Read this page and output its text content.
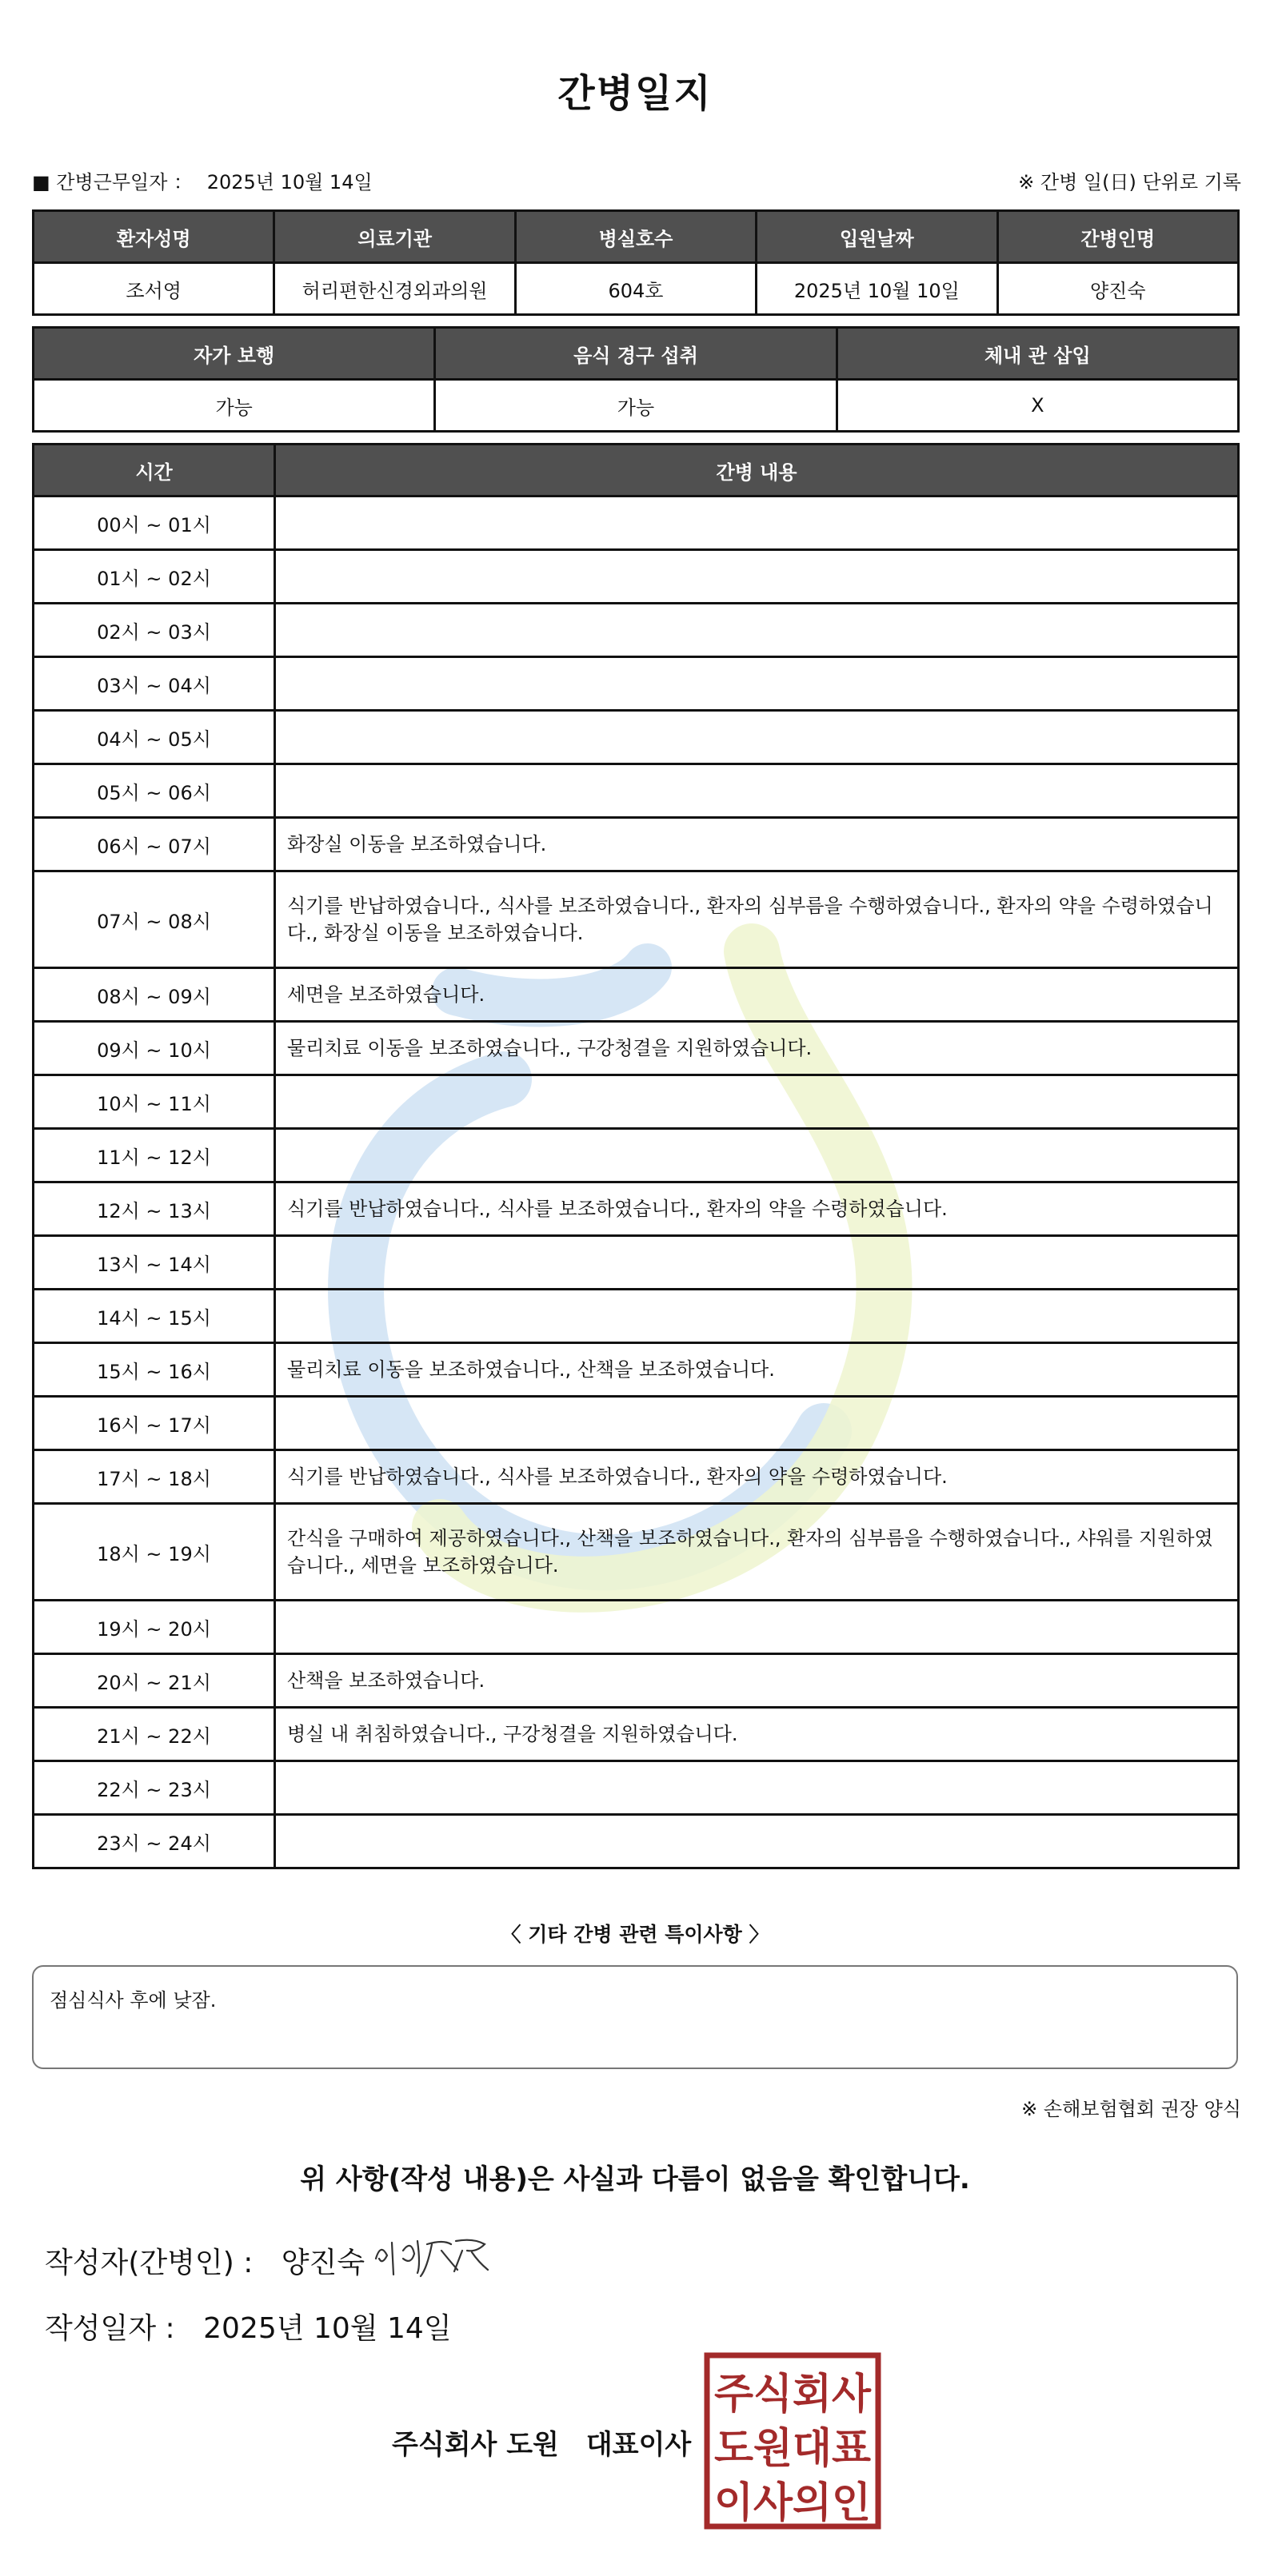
간병일지
■ 간병근무일자 ： 2025년 10월 14일	※ 간병 일(日) 단위로 기록
환자성명	의료기관	병실호수	입원날짜	간병인명
조서영	허리편한신경외과의원	604호	2025년 10월 10일	양진숙
자가 보행	음식 경구 섭취	체내 관 삽입
가능	가능	X
시간	간병 내용
00시 ~ 01시	
01시 ~ 02시	
02시 ~ 03시	
03시 ~ 04시	
04시 ~ 05시	
05시 ~ 06시	
06시 ~ 07시	화장실 이동을 보조하였습니다.
07시 ~ 08시	식기를 반납하였습니다., 식사를 보조하였습니다., 환자의 심부름을 수행하였습니다., 환자의 약을 수령하였습니다., 화장실 이동을 보조하였습니다.
08시 ~ 09시	세면을 보조하였습니다.
09시 ~ 10시	물리치료 이동을 보조하였습니다., 구강청결을 지원하였습니다.
10시 ~ 11시	
11시 ~ 12시	
12시 ~ 13시	식기를 반납하였습니다., 식사를 보조하였습니다., 환자의 약을 수령하였습니다.
13시 ~ 14시	
14시 ~ 15시	
15시 ~ 16시	물리치료 이동을 보조하였습니다., 산책을 보조하였습니다.
16시 ~ 17시	
17시 ~ 18시	식기를 반납하였습니다., 식사를 보조하였습니다., 환자의 약을 수령하였습니다.
18시 ~ 19시	간식을 구매하여 제공하였습니다., 산책을 보조하였습니다., 환자의 심부름을 수행하였습니다., 샤워를 지원하였습니다., 세면을 보조하였습니다.
19시 ~ 20시	
20시 ~ 21시	산책을 보조하였습니다.
21시 ~ 22시	병실 내 취침하였습니다., 구강청결을 지원하였습니다.
22시 ~ 23시	
23시 ~ 24시	
〈 기타 간병 관련 특이사항 〉
점심식사 후에 낮잠.
※ 손해보험협회 권장 양식
위 사항(작성 내용)은 사실과 다름이 없음을 확인합니다.
작성자(간병인) : 양진숙
작성일자 : 2025년 10월 14일
주식회사 도원　대표이사
주식회사
도원대표
이사의인
